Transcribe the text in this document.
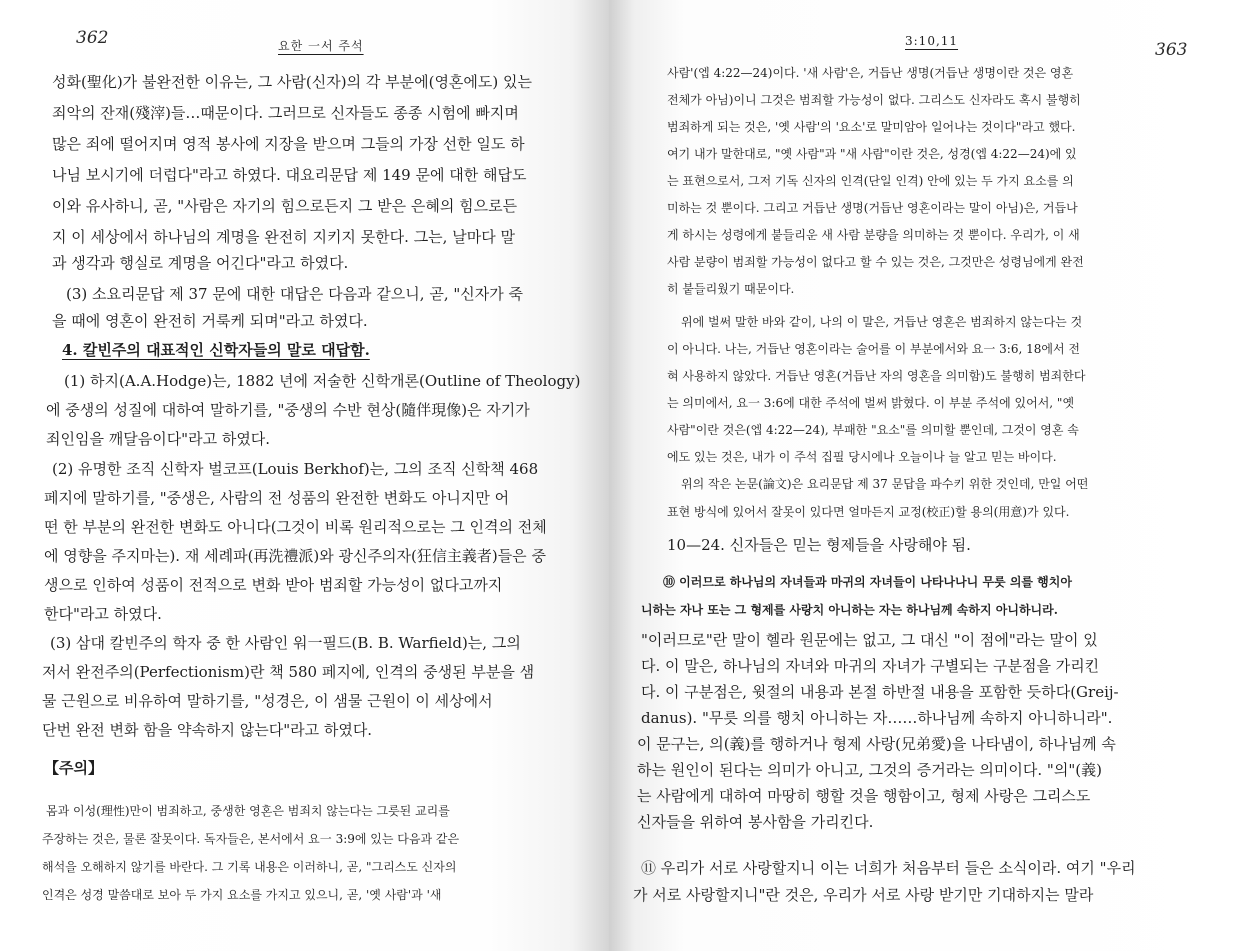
362	요한 一서 주석
성화(聖化)가 불완전한 이유는, 그 사람(신자)의 각 부분에(영혼에도) 있는
죄악의 잔재(殘滓)들…때문이다. 그러므로 신자들도 종종 시험에 빠지며
많은 죄에 떨어지며 영적 봉사에 지장을 받으며 그들의 가장 선한 일도 하
나님 보시기에 더럽다"라고 하였다. 대요리문답 제 149 문에 대한 해답도
이와 유사하니, 곧, "사람은 자기의 힘으로든지 그 받은 은혜의 힘으로든
지 이 세상에서 하나님의 계명을 완전히 지키지 못한다. 그는, 날마다 말
과 생각과 행실로 계명을 어긴다"라고 하였다.
(3) 소요리문답 제 37 문에 대한 대답은 다음과 같으니, 곧, "신자가 죽
을 때에 영혼이 완전히 거룩케 되며"라고 하였다.
4. 칼빈주의 대표적인 신학자들의 말로 대답함.
(1) 하지(A.A.Hodge)는, 1882 년에 저술한 신학개론(Outline of Theology)
에 중생의 성질에 대하여 말하기를, "중생의 수반 현상(隨伴現像)은 자기가
죄인임을 깨달음이다"라고 하였다.
(2) 유명한 조직 신학자 벌코프(Louis Berkhof)는, 그의 조직 신학책 468
페지에 말하기를, "중생은, 사람의 전 성품의 완전한 변화도 아니지만 어
떤 한 부분의 완전한 변화도 아니다(그것이 비록 원리적으로는 그 인격의 전체
에 영향을 주지마는). 재 세례파(再洗禮派)와 광신주의자(狂信主義者)들은 중
생으로 인하여 성품이 전적으로 변화 받아 범죄할 가능성이 없다고까지
한다"라고 하였다.
(3) 삼대 칼빈주의 학자 중 한 사람인 워一필드(B. B. Warfield)는, 그의
저서 완전주의(Perfectionism)란 책 580 페지에, 인격의 중생된 부분을 샘
물 근원으로 비유하여 말하기를, "성경은, 이 샘물 근원이 이 세상에서
단번 완전 변화 함을 약속하지 않는다"라고 하였다.
【주의】
몸과 이성(理性)만이 범죄하고, 중생한 영혼은 범죄치 않는다는 그릇된 교리를
주장하는 것은, 물론 잘못이다. 독자들은, 본서에서 요一 3:9에 있는 다음과 같은
해석을 오해하지 않기를 바란다. 그 기록 내용은 이러하니, 곧, "그리스도 신자의
인격은 성경 말씀대로 보아 두 가지 요소를 가지고 있으니, 곧, '옛 사람'과 '새
3:10,11	363
사람'(엡 4:22—24)이다. '새 사람'은, 거듭난 생명(거듭난 생명이란 것은 영혼
전체가 아님)이니 그것은 범죄할 가능성이 없다. 그리스도 신자라도 혹시 불행히
범죄하게 되는 것은, '옛 사람'의 '요소'로 말미암아 일어나는 것이다"라고 했다.
여기 내가 말한대로, "옛 사람"과 "새 사람"이란 것은, 성경(엡 4:22—24)에 있
는 표현으로서, 그저 기독 신자의 인격(단일 인격) 안에 있는 두 가지 요소를 의
미하는 것 뿐이다. 그리고 거듭난 생명(거듭난 영혼이라는 말이 아님)은, 거듭나
게 하시는 성령에게 붙들리운 새 사람 분량을 의미하는 것 뿐이다. 우리가, 이 새
사람 분량이 범죄할 가능성이 없다고 할 수 있는 것은, 그것만은 성령님에게 완전
히 붙들리웠기 때문이다.
위에 벌써 말한 바와 같이, 나의 이 말은, 거듭난 영혼은 범죄하지 않는다는 것
이 아니다. 나는, 거듭난 영혼이라는 술어를 이 부분에서와 요一 3:6, 18에서 전
혀 사용하지 않았다. 거듭난 영혼(거듭난 자의 영혼을 의미함)도 불행히 범죄한다
는 의미에서, 요一 3:6에 대한 주석에 벌써 밝혔다. 이 부분 주석에 있어서, "옛
사람"이란 것은(엡 4:22—24), 부패한 "요소"를 의미할 뿐인데, 그것이 영혼 속
에도 있는 것은, 내가 이 주석 집필 당시에나 오늘이나 늘 알고 믿는 바이다.
위의 작은 논문(論文)은 요리문답 제 37 문답을 파수키 위한 것인데, 만일 어떤
표현 방식에 있어서 잘못이 있다면 얼마든지 교정(校正)할 용의(用意)가 있다.
10—24. 신자들은 믿는 형제들을 사랑해야 됨.
⑩ 이러므로 하나님의 자녀들과 마귀의 자녀들이 나타나나니 무릇 의를 행치아
니하는 자나 또는 그 형제를 사랑치 아니하는 자는 하나님께 속하지 아니하니라.
"이러므로"란 말이 헬라 원문에는 없고, 그 대신 "이 점에"라는 말이 있
다. 이 말은, 하나님의 자녀와 마귀의 자녀가 구별되는 구분점을 가리킨
다. 이 구분점은, 윗절의 내용과 본절 하반절 내용을 포함한 듯하다(Greij-
danus). "무릇 의를 행치 아니하는 자……하나님께 속하지 아니하니라".
이 문구는, 의(義)를 행하거나 형제 사랑(兄弟愛)을 나타냄이, 하나님께 속
하는 원인이 된다는 의미가 아니고, 그것의 증거라는 의미이다. "의"(義)
는 사람에게 대하여 마땅히 행할 것을 행함이고, 형제 사랑은 그리스도
신자들을 위하여 봉사함을 가리킨다.
⑪ 우리가 서로 사랑할지니 이는 너희가 처음부터 들은 소식이라. 여기 "우리
가 서로 사랑할지니"란 것은, 우리가 서로 사랑 받기만 기대하지는 말라
